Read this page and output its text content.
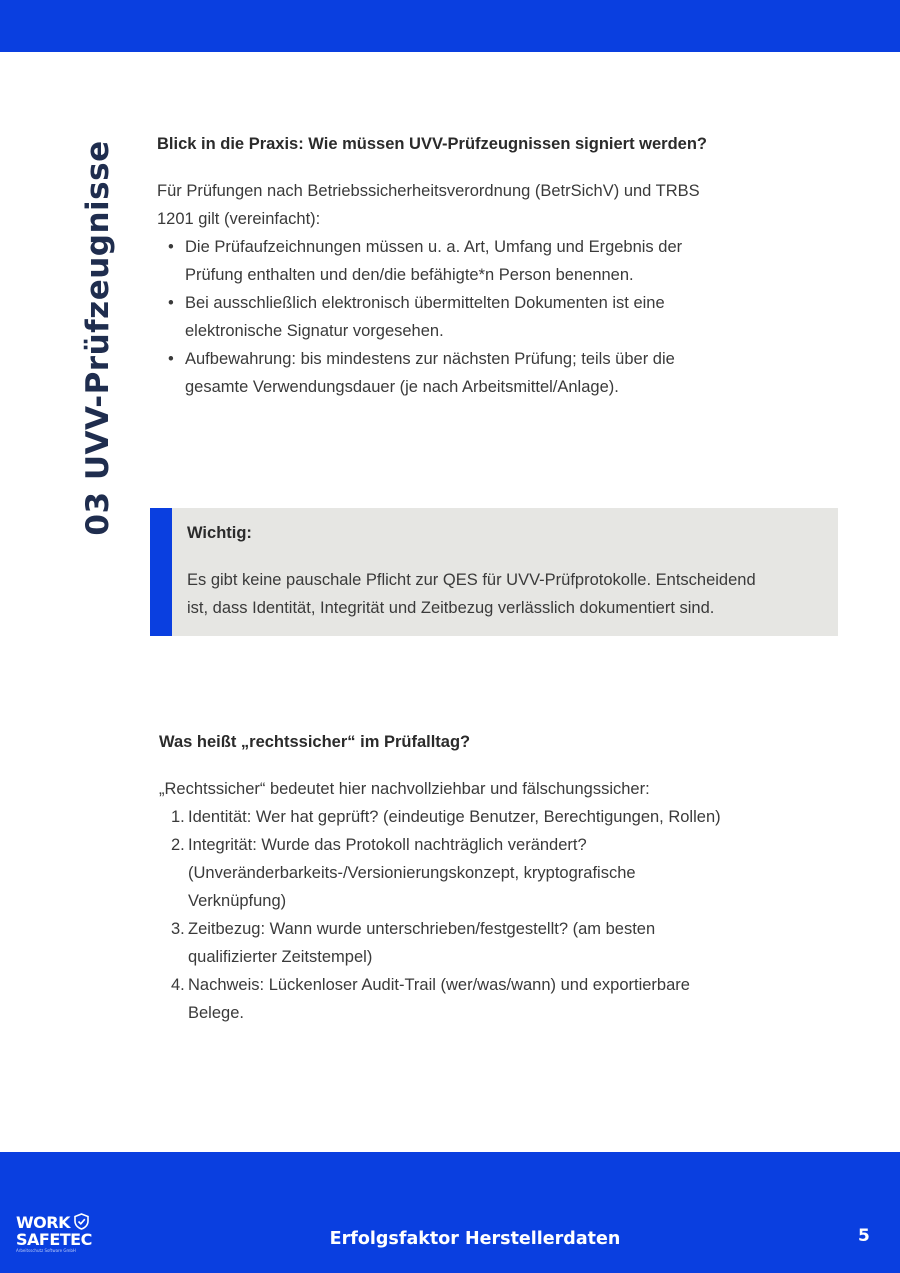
03 UVV-Prüfzeugnisse Blick in die Praxis: Wie müssen UVV-Prüfzeugnissen signiert werden?
Für Prüfungen nach Betriebssicherheitsverordnung (BetrSichV) und TRBS
1201 gilt (vereinfacht):
• Die Prüfaufzeichnungen müssen u. a. Art, Umfang und Ergebnis der
Prüfung enthalten und den/die befähigte*n Person benennen.
• Bei ausschließlich elektronisch übermittelten Dokumenten ist eine
elektronische Signatur vorgesehen.
• Aufbewahrung: bis mindestens zur nächsten Prüfung; teils über die
gesamte Verwendungsdauer (je nach Arbeitsmittel/Anlage).
Wichtig:
Es gibt keine pauschale Pflicht zur QES für UVV-Prüfprotokolle. Entscheidend
ist, dass Identität, Integrität und Zeitbezug verlässlich dokumentiert sind.
Was heißt „rechtssicher“ im Prüfalltag?
„Rechtssicher“ bedeutet hier nachvollziehbar und fälschungssicher:
1. Identität: Wer hat geprüft? (eindeutige Benutzer, Berechtigungen, Rollen)
2. Integrität: Wurde das Protokoll nachträglich verändert?
(Unveränderbarkeits-/Versionierungskonzept, kryptografische
Verknüpfung)
3. Zeitbezug: Wann wurde unterschrieben/festgestellt? (am besten
qualifizierter Zeitstempel)
4. Nachweis: Lückenloser Audit-Trail (wer/was/wann) und exportierbare
Belege.
WORK
SAFETEC
Arbeitsschutz Software GmbH
Erfolgsfaktor Herstellerdaten	5
